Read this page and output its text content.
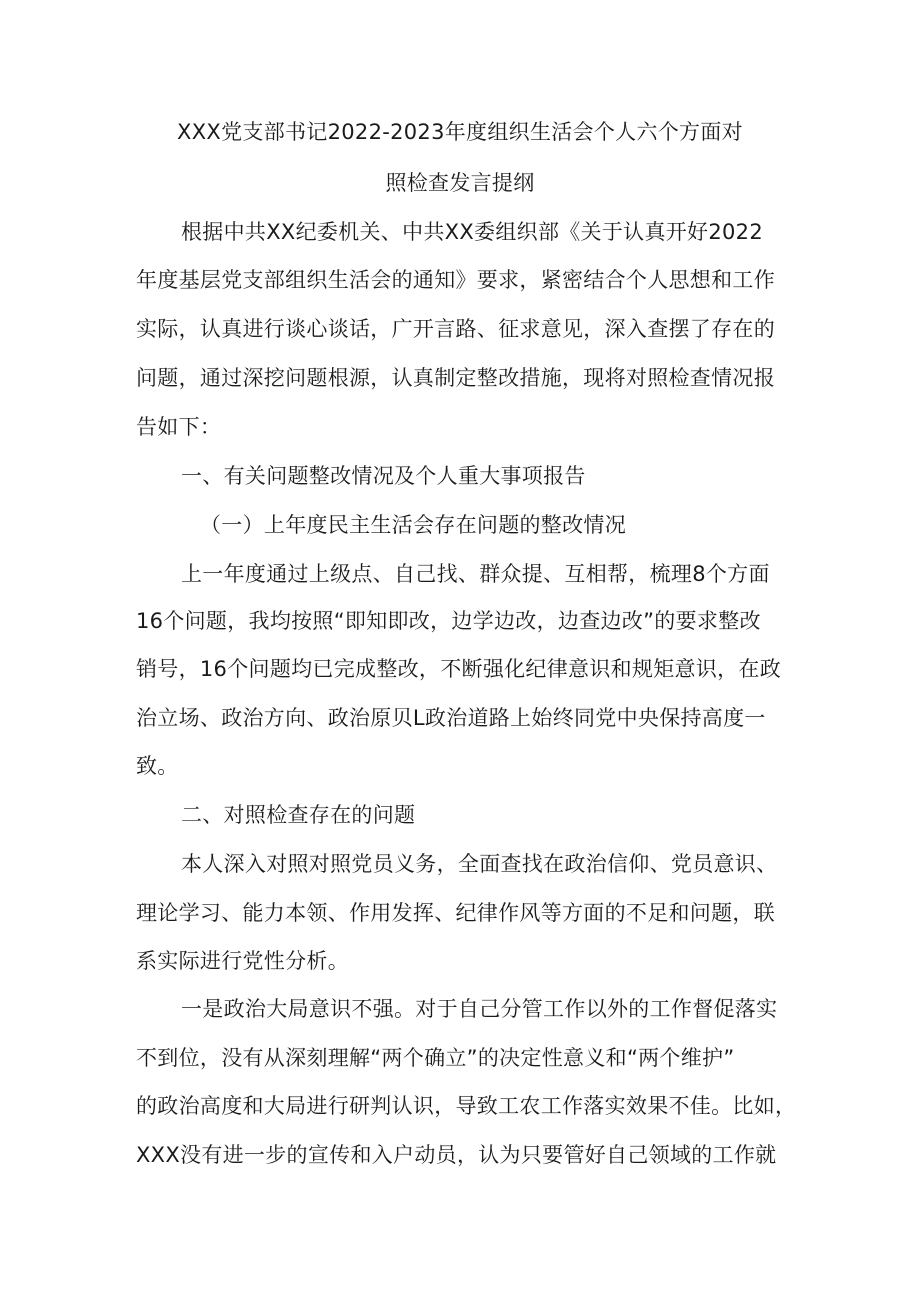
XXX党支部书记2022-2023年度组织生活会个人六个方面对
照检查发言提纲
根据中共XX纪委机关、中共XX委组织部《关于认真开好2022
年度基层党支部组织生活会的通知》要求，紧密结合个人思想和工作
实际，认真进行谈心谈话，广开言路、征求意见，深入查摆了存在的
问题，通过深挖问题根源，认真制定整改措施，现将对照检查情况报
告如下：
一、有关问题整改情况及个人重大事项报告
（一）上年度民主生活会存在问题的整改情况
上一年度通过上级点、自己找、群众提、互相帮，梳理8个方面
16个问题，我均按照“即知即改，边学边改，边查边改”的要求整改
销号，16个问题均已完成整改，不断强化纪律意识和规矩意识，在政
治立场、政治方向、政治原贝L政治道路上始终同党中央保持高度一
致。
二、对照检查存在的问题
本人深入对照对照党员义务，全面查找在政治信仰、党员意识、
理论学习、能力本领、作用发挥、纪律作风等方面的不足和问题，联
系实际进行党性分析。
一是政治大局意识不强。对于自己分管工作以外的工作督促落实
不到位，没有从深刻理解“两个确立”的决定性意义和“两个维护”
的政治高度和大局进行研判认识，导致工农工作落实效果不佳。比如，
XXX没有进一步的宣传和入户动员，认为只要管好自己领域的工作就
